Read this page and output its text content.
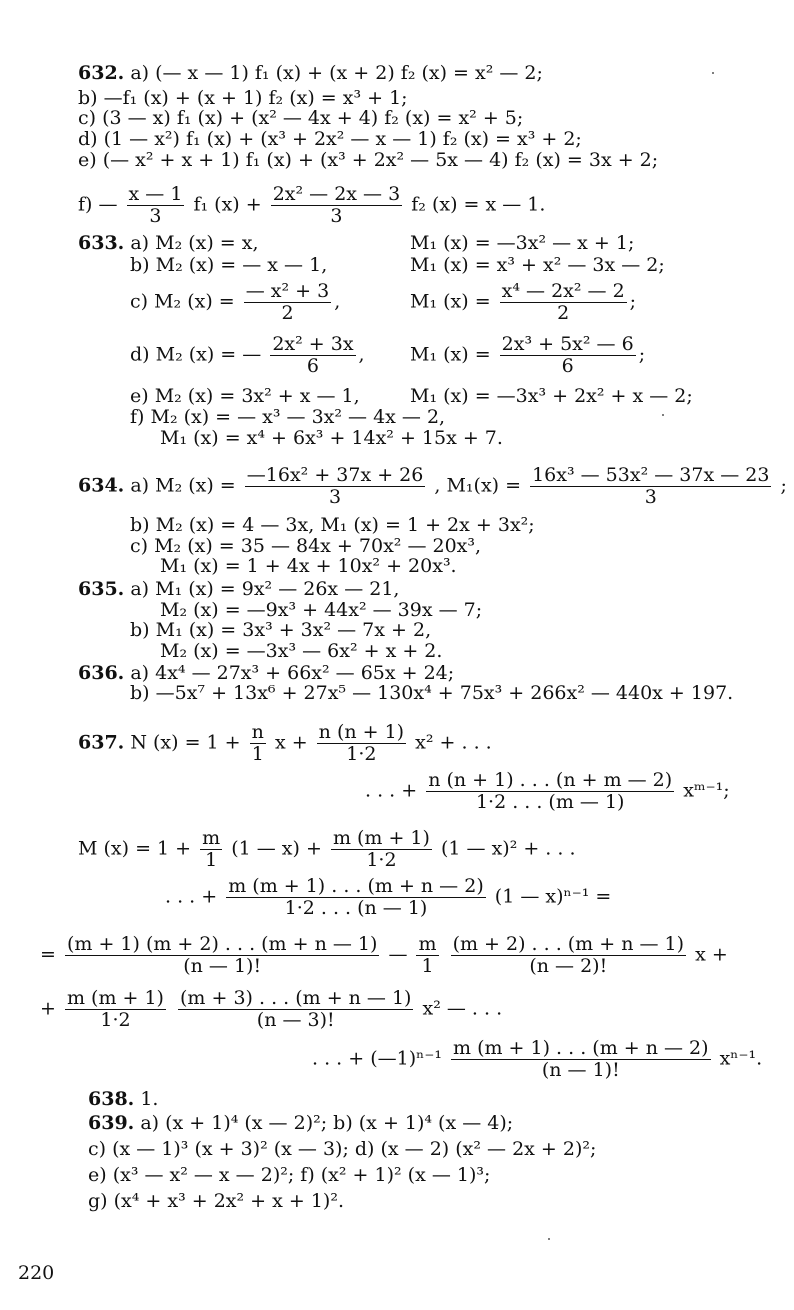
632. a) (— x — 1) f₁ (x) + (x + 2) f₂ (x) = x² — 2;
b) —f₁ (x) + (x + 1) f₂ (x) = x³ + 1;
c) (3 — x) f₁ (x) + (x² — 4x + 4) f₂ (x) = x² + 5;
d) (1 — x²) f₁ (x) + (x³ + 2x² — x — 1) f₂ (x) = x³ + 2;
e) (— x² + x + 1) f₁ (x) + (x³ + 2x² — 5x — 4) f₂ (x) = 3x + 2;
f) — $\frac{x — 1}{3} f_1$ $(x) + \frac{\text{2x² — 2x — 3}}{3} f_2$ (x) = x — 1.
633. a) M₂ (x) = x,	M₁ (x) = —3x² — x + 1;
b) M₂ (x) = — x — 1,	M₁ (x) = x³ + x² — 3x — 2;
c) M₂ $(x) = \frac{\text{— x² + 3}}{2}$ ,	M₁ $(x) = \frac{\text{x⁴ — 2x² — 2}}{2}$ ;
d) M₂ (x) = — $\frac{\text{2x² + 3x}}{6}$ , M₁ $(x) = \frac{\text{2x³ + 5x² — 6}}{6}$ ;
e) M₂ (x) = 3x² + x — 1,	M₁ (x) = —3x³ + 2x² + x — 2;
f) M₂ (x) = — x³ — 3x² — 4x — 2,
M₁ (x) = x⁴ + 6x³ + 14x² + 15x + 7.
634. a) M₂ $(x) = \frac{\text{—16x² + 37x + 26}}{3}$ , $M_1(x) = \frac{\text{16x³ — 53x² — 37x — 23}}{3}$ ;
b) M₂ (x) = 4 — 3x, M₁ (x) = 1 + 2x + 3x²;
c) M₂ (x) = 35 — 84x + 70x² — 20x³,
M₁ (x) = 1 + 4x + 10x² + 20x³.
635. a) M₁ (x) = 9x² — 26x — 21,
M₂ (x) = —9x³ + 44x² — 39x — 7;
b) M₁ (x) = 3x³ + 3x² — 7x + 2,
M₂ (x) = —3x³ — 6x² + x + 2.
636. a) 4x⁴ — 27x³ + 66x² — 65x + 24;
b) —5x⁷ + 13x⁶ + 27x⁵ — 130x⁴ + 75x³ + 266x² — 440x + 197.
637. N $(x) = 1 + \frac{n}{1}$ $x + \frac{n (n + 1)}{1\cdot 2} x^2$ + . . .
. . . + $\frac{n (n + 1) . . . (n + m — 2)}{1\cdot 2 . . . (m — 1)}$ xᵐ⁻¹;
M $(x) = 1 + \frac{m}{1} (1$ — $x) + \frac{m (m + 1)}{1\cdot 2} (1$ — x)² + . . .
. . . + $\frac{m (m + 1) . . . (m + n — 2)}{1\cdot 2 . . . (n — 1)} (1$ — x)ⁿ⁻¹ =
= $\frac{(m + 1) (m + 2) . . . (m + n — 1)}{(n — 1)!}$ — $\frac{m}{1}$
$\frac{(m + 2) . . . (m + n — 1)}{(n — 2)!}$ x +
+ $\frac{m (m + 1)}{1\cdot 2}$
$\frac{(m + 3) . . . (m + n — 1)}{(n — 3)!} x^2$ — . . .
. . . + (—1)ⁿ⁻¹ $\frac{m (m + 1) . . . (m + n — 2)}{(n — 1)!} x^{n-1}$.
638. 1.
639. a) (x + 1)⁴ (x — 2)²; b) (x + 1)⁴ (x — 4);
c) (x — 1)³ (x + 3)² (x — 3); d) (x — 2) (x² — 2x + 2)²;
e) (x³ — x² — x — 2)²; f) (x² + 1)² (x — 1)³;
g) (x⁴ + x³ + 2x² + x + 1)².
220
